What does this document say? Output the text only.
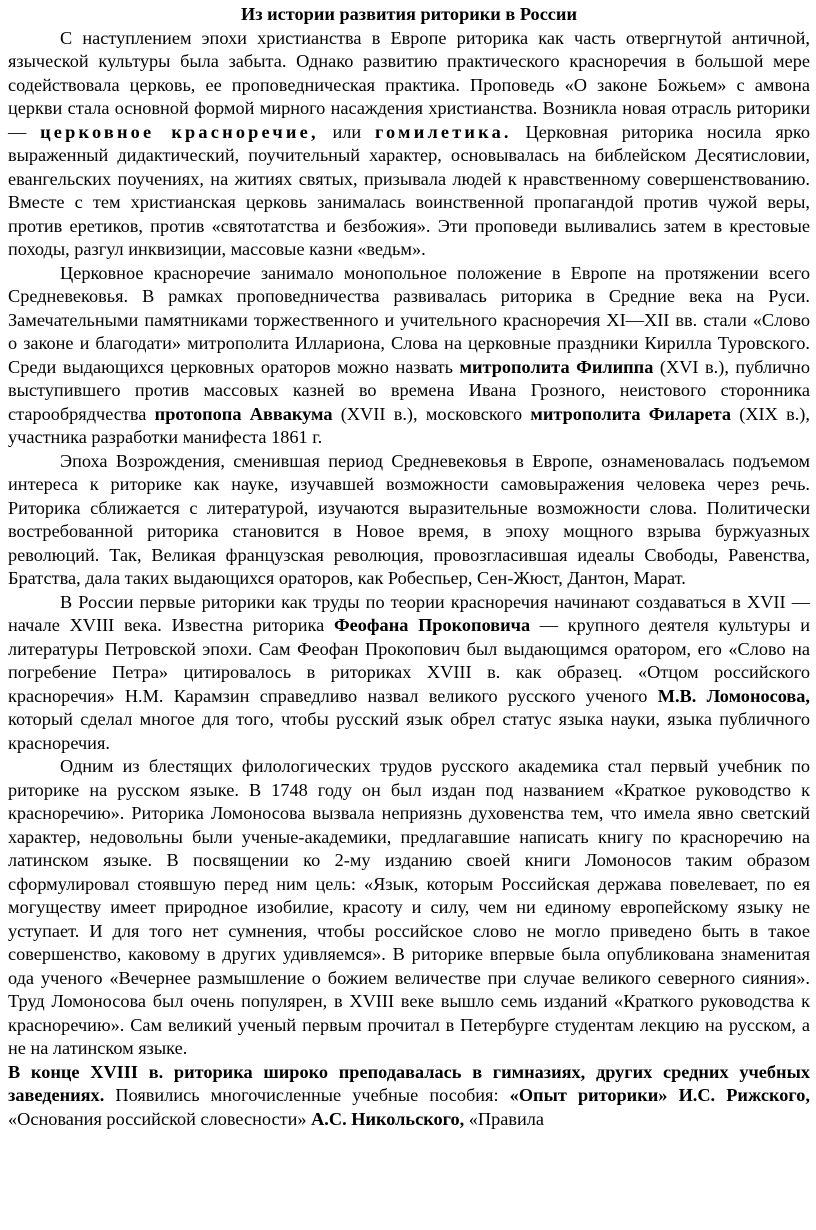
Из истории развития риторики в России

С наступлением эпохи христианства в Европе риторика как часть отвергнутой античной, языческой культуры была забыта. Однако развитию практического красноречия в большой мере содействовала церковь, ее проповедническая практика. Проповедь «О законе Божьем» с амвона церкви стала основной формой мирного насаждения христианства. Возникла новая отрасль риторики— церковное красноречие, или гомилетика. Церковная риторика носила ярко выраженный дидактический, поучительный характер, основывалась на библейском Десятисловии, евангельских поучениях, на житиях святых, призывала людей к нравственному совершенствованию. Вместе с тем христианская церковь занималась воинственной пропагандой против чужой веры, против еретиков, против «святотатства и безбожия». Эти проповеди выливались затем в крестовые походы, разгул инквизиции, массовые казни «ведьм».

Церковное красноречие занимало монопольное положение в Европе на протяжении всего Средневековья. В рамках проповедничества развивалась риторика в Средние века на Руси. Замечательными памятниками торжественного и учительного красноречия XI—XII вв. стали «Слово о законе и благодати» митрополита Иллариона, Слова на церковные праздники Кирилла Туровского. Среди выдающихся церковных ораторов можно назвать митрополита Филиппа (XVI в.), публично выступившего против массовых казней во времена Ивана Грозного, неистового сторонника старообрядчества протопопа Аввакума (XVII в.), московского митрополита Филарета (XIX в.), участника разработки манифеста 1861 г.

Эпоха Возрождения, сменившая период Средневековья в Европе, ознаменовалась подъемом интереса к риторике как науке, изучавшей возможности самовыражения человека через речь. Риторика сближается с литературой, изучаются выразительные возможности слова. Политически востребованной риторика становится в Новое время, в эпоху мощного взрыва буржуазных революций. Так, Великая французская революция, провозгласившая идеалы Свободы, Равенства, Братства, дала таких выдающихся ораторов, как Робеспьер, Сен-Жюст, Дантон, Марат.

В России первые риторики как труды по теории красноречия начинают создаваться в XVII — начале XVIII века. Известна риторика Феофана Прокоповича — крупного деятеля культуры и литературы Петровской эпохи. Сам Феофан Прокопович был выдающимся оратором, его «Слово на погребение Петра» цитировалось в риториках XVIII в. как образец. «Отцом российского красноречия» Н.М. Карамзин справедливо назвал великого русского ученого М.В. Ломоносова, который сделал многое для того, чтобы русский язык обрел статус языка науки, языка публичного красноречия.

Одним из блестящих филологических трудов русского академика стал первый учебник по риторике на русском языке. В 1748 году он был издан под названием «Краткое руководство к красноречию». Риторика Ломоносова вызвала неприязнь духовенства тем, что имела явно светский характер, недовольны были ученые-академики, предлагавшие написать книгу по красноречию на латинском языке. В посвящении ко 2-му изданию своей книги Ломоносов таким образом сформулировал стоявшую перед ним цель: «Язык, которым Российская держава повелевает, по ея могуществу имеет природное изобилие, красоту и силу, чем ни единому европейскому языку не уступает. И для того нет сумнения, чтобы российское слово не могло приведено быть в такое совершенство, каковому в других удивляемся». В риторике впервые была опубликована знаменитая ода ученого «Вечернее размышление о божием величестве при случае великого северного сияния». Труд Ломоносова был очень популярен, в XVIII веке вышло семь изданий «Краткого руководства к красноречию». Сам великий ученый первым прочитал в Петербурге студентам лекцию на русском, а не на латинском языке.

В конце XVIII в. риторика широко преподавалась в гимназиях, других средних учебных заведениях. Появились многочисленные учебные пособия: «Опыт риторики» И.С. Рижского, «Основания российской словесности» А.С. Никольского, «Правила
